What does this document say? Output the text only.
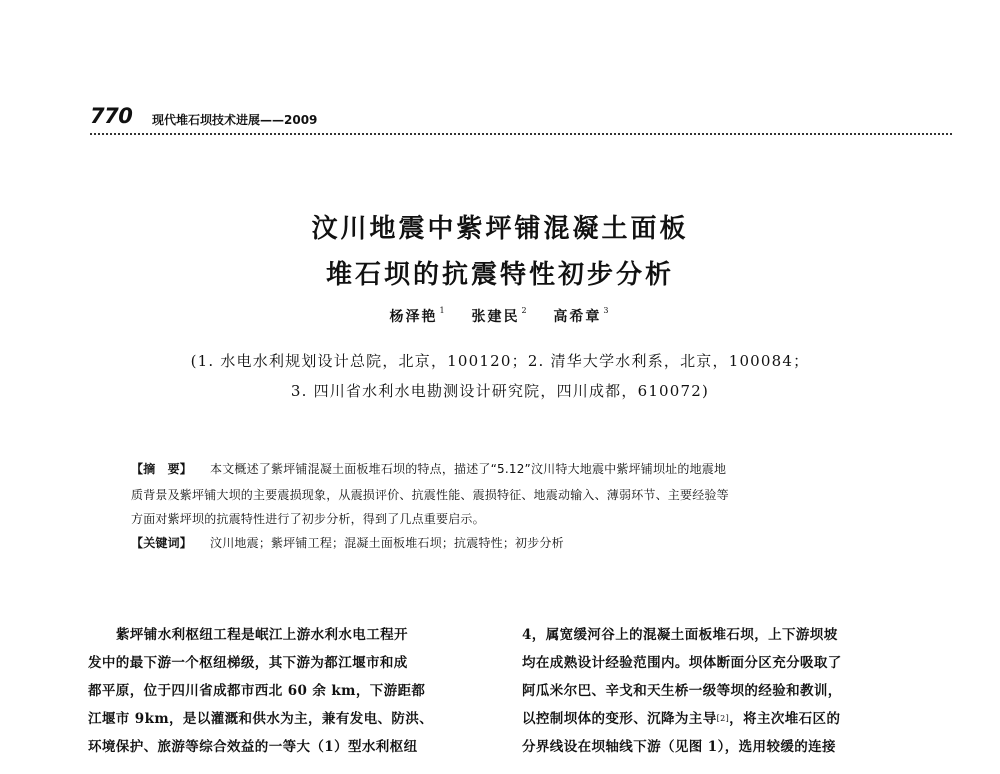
770 现代堆石坝技术进展——2009
汶川地震中紫坪铺混凝土面板
堆石坝的抗震特性初步分析
杨泽艳 $^1$ 张建民 $^2$ 高希章 $^3$
(1. 水电水利规划设计总院，北京，100120；2. 清华大学水利系，北京，100084；
3. 四川省水利水电勘测设计研究院，四川成都，610072)
【摘　要】 本文概述了紫坪铺混凝土面板堆石坝的特点，描述了“5.12”汶川特大地震中紫坪铺坝址的地震地
质背景及紫坪铺大坝的主要震损现象，从震损评价、抗震性能、震损特征、地震动输入、薄弱环节、主要经验等
方面对紫坪坝的抗震特性进行了初步分析，得到了几点重要启示。
【关键词】 汶川地震；紫坪铺工程；混凝土面板堆石坝；抗震特性；初步分析

紫坪铺水利枢纽工程是岷江上游水利水电工程开

发中的最下游一个枢纽梯级，其下游为都江堰市和成

都平原，位于四川省成都市西北 60 余 km，下游距都

江堰市 9km，是以灌溉和供水为主，兼有发电、防洪、

环境保护、旅游等综合效益的一等大（1）型水利枢纽

4，属宽缓河谷上的混凝土面板堆石坝，上下游坝坡

均在成熟设计经验范围内。坝体断面分区充分吸取了

阿瓜米尔巴、辛戈和天生桥一级等坝的经验和教训，

以控制坝体的变形、沉降为主导[2]，将主次堆石区的

分界线设在坝轴线下游（见图 1），选用较缓的连接
